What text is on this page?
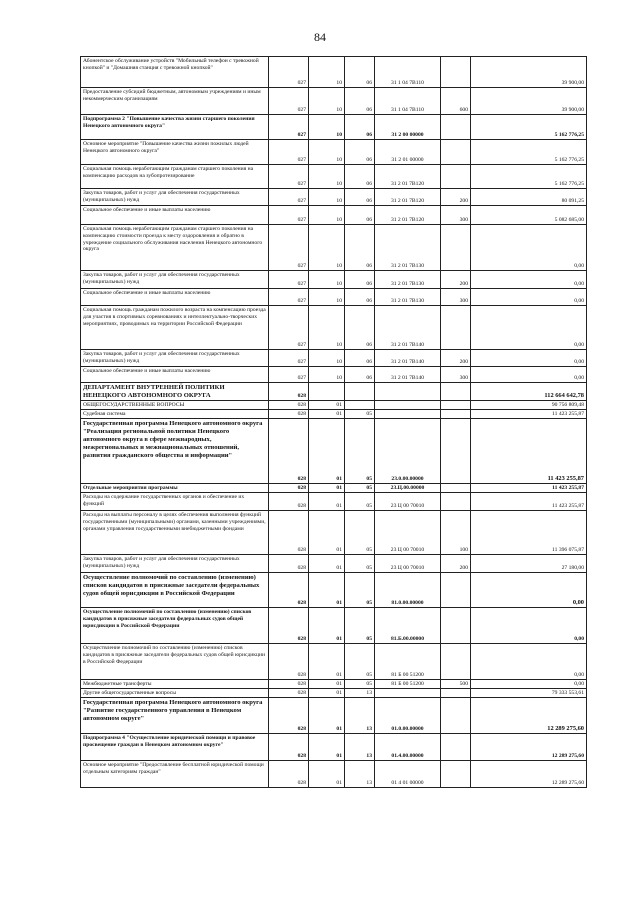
84
Абонентское обслуживание устройств "Мобильный телефон с тревожной кнопкой" и "Домашняя станция с тревожной кнопкой"	027	10	06	31 1 04 7В110		39 900,00
Предоставление субсидий бюджетным, автономным учреждениям и иным некоммерческим организациям	027	10	06	31 1 04 7В110	600	39 900,00
Подпрограмма 2 "Повышение качества жизни старшего поколения Ненецкого автономного округа"	027	10	06	31 2 00 00000		5 162 776,25
Основное мероприятие "Повышение качества жизни пожилых людей Ненецкого автономного округа"	027	10	06	31 2 01 00000		5 162 776,25
Социальная помощь неработающим гражданам старшего поколения на компенсацию расходов на зубопротезирование	027	10	06	31 2 01 7В120		5 162 776,25
Закупка товаров, работ и услуг для обеспечения государственных (муниципальных) нужд	027	10	06	31 2 01 7В120	200	80 091,25
Социальное обеспечение и иные выплаты населению	027	10	06	31 2 01 7В120	300	5 082 685,00
Социальная помощь неработающим гражданам старшего поколения на компенсацию стоимости проезда к месту оздоровления и обратно в учреждение социального обслуживания населения Ненецкого автономного округа	027	10	06	31 2 01 7В130		0,00
Закупка товаров, работ и услуг для обеспечения государственных (муниципальных) нужд	027	10	06	31 2 01 7В130	200	0,00
Социальное обеспечение и иные выплаты населению	027	10	06	31 2 01 7В130	300	0,00
Социальная помощь гражданам пожилого возраста на компенсацию проезда для участия в спортивных соревнованиях и интеллектуально-творческих мероприятиях, проводимых на территории Российской Федерации	027	10	06	31 2 01 7В140		0,00
Закупка товаров, работ и услуг для обеспечения государственных (муниципальных) нужд	027	10	06	31 2 01 7В140	200	0,00
Социальное обеспечение и иные выплаты населению	027	10	06	31 2 01 7В140	300	0,00
ДЕПАРТАМЕНТ ВНУТРЕННЕЙ ПОЛИТИКИ НЕНЕЦКОГО АВТОНОМНОГО ОКРУГА	028					112 664 642,78
ОБЩЕГОСУДАРСТВЕННЫЕ ВОПРОСЫ	028	01				90 756 809,48
Судебная система	028	01	05			11 423 255,87
Государственная программа Ненецкого автономного округа "Реализация региональной политики Ненецкого автономного округа в сфере межнародных, межрегиональных и межнациональных отношений, развития гражданского общества и информации"	028	01	05	23.0.00.00000		11 423 255,87
Отдельные мероприятия программы	028	01	05	23.Ц.00.00000		11 423 255,87
Расходы на содержание государственных органов и обеспечение их функций	028	01	05	23 Ц 00 70010		11 423 255,87
Расходы на выплаты персоналу в целях обеспечения выполнения функций государственными (муниципальными) органами, казенными учреждениями, органами управления государственными внебюджетными фондами	028	01	05	23 Ц 00 70010	100	11 396 075,87
Закупка товаров, работ и услуг для обеспечения государственных (муниципальных) нужд	028	01	05	23 Ц 00 70010	200	27 180,00
Осуществление полномочий по составлению (изменению) списков кандидатов в присяжные заседатели федеральных судов общей юрисдикции в Российской Федерации	028	01	05	81.0.00.00000		0,00
Осуществление полномочий по составлению (изменению) списков кандидатов в присяжные заседатели федеральных судов общей юрисдикции в Российской Федерации	028	01	05	81.Б.00.00000		0,00
Осуществление полномочий по составлению (изменению) списков кандидатов в присяжные заседатели федеральных судов общей юрисдикции в Российской Федерации	028	01	05	81 Б 00 51200		0,00
Межбюджетные трансферты	028	01	05	81 Б 00 51200	500	0,00
Другие общегосударственные вопросы	028	01	13			79 333 553,61
Государственная программа Ненецкого автономного округа "Развитие государственного управления в Ненецком автономном округе"	028	01	13	01.0.00.00000		12 289 275,60
Подпрограмма 4 "Осуществление юридической помощи и правовое просвещение граждан в Ненецком автономном округе"	028	01	13	01.4.00.00000		12 289 275,60
Основное мероприятие "Предоставление бесплатной юридической помощи отдельным категориям граждан"	028	01	13	01 4 01 00000		12 289 275,60
